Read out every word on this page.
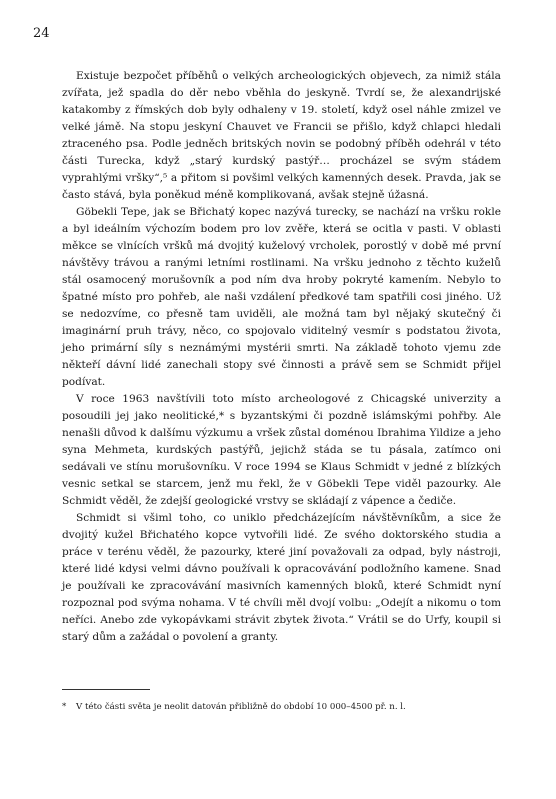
24

Existuje bezpočet příběhů o velkých archeologických objevech, za nimiž stála zvířata, jež spadla do děr nebo vběhla do jeskyně. Tvrdí se, že alexandrijské katakomby z římských dob byly odhaleny v 19. století, když osel náhle zmizel ve velké jámě. Na stopu jeskyní Chauvet ve Francii se přišlo, když chlapci hledali ztraceného psa. Podle jedněch britských novin se podobný příběh odehrál v této části Turecka, když „starý kurdský pastýř… procházel se svým stádem vyprahlými vršky“,⁵ a přitom si povšiml velkých kamenných desek. Pravda, jak se často stává, byla poněkud méně komplikovaná, avšak stejně úžasná.

Göbekli Tepe, jak se Břichatý kopec nazývá turecky, se nachází na vršku rokle a byl ideálním výchozím bodem pro lov zvěře, která se ocitla v pasti. V oblasti měkce se vlnících vršků má dvojitý kuželový vrcholek, porostlý v době mé první návštěvy trávou a ranými letními rostlinami. Na vršku jednoho z těchto kuželů stál osamocený morušovník a pod ním dva hroby pokryté kamením. Nebylo to špatné místo pro pohřeb, ale naši vzdálení předkové tam spatřili cosi jiného. Už se nedozvíme, co přesně tam uviděli, ale možná tam byl nějaký skutečný či imaginární pruh trávy, něco, co spojovalo viditelný vesmír s podstatou života, jeho primární síly s neznámými mystérii smrti. Na základě tohoto vjemu zde někteří dávní lidé zanechali stopy své činnosti a právě sem se Schmidt přijel podívat.

V roce 1963 navštívili toto místo archeologové z Chicagské univerzity a posoudili jej jako neolitické,* s byzantskými či pozdně islámskými pohřby. Ale nenašli důvod k dalšímu výzkumu a vršek zůstal doménou Ibrahima Yildize a jeho syna Mehmeta, kurdských pastýřů, jejichž stáda se tu pásala, zatímco oni sedávali ve stínu morušovníku. V roce 1994 se Klaus Schmidt v jedné z blízkých vesnic setkal se starcem, jenž mu řekl, že v Göbekli Tepe viděl pazourky. Ale Schmidt věděl, že zdejší geologické vrstvy se skládají z vápence a čediče.

Schmidt si všiml toho, co uniklo předcházejícím návštěvníkům, a sice že dvojitý kužel Břichatého kopce vytvořili lidé. Ze svého doktorského studia a práce v terénu věděl, že pazourky, které jiní považovali za odpad, byly nástroji, které lidé kdysi velmi dávno používali k opracovávání podložního kamene. Snad je používali ke zpracovávání masivních kamenných bloků, které Schmidt nyní rozpoznal pod svýma nohama. V té chvíli měl dvojí volbu: „Odejít a nikomu o tom neříci. Anebo zde vykopávkami strávit zbytek života.“ Vrátil se do Urfy, koupil si starý dům a zažádal o povolení a granty.

* V této části světa je neolit datován přibližně do období 10 000–4500 př. n. l.
